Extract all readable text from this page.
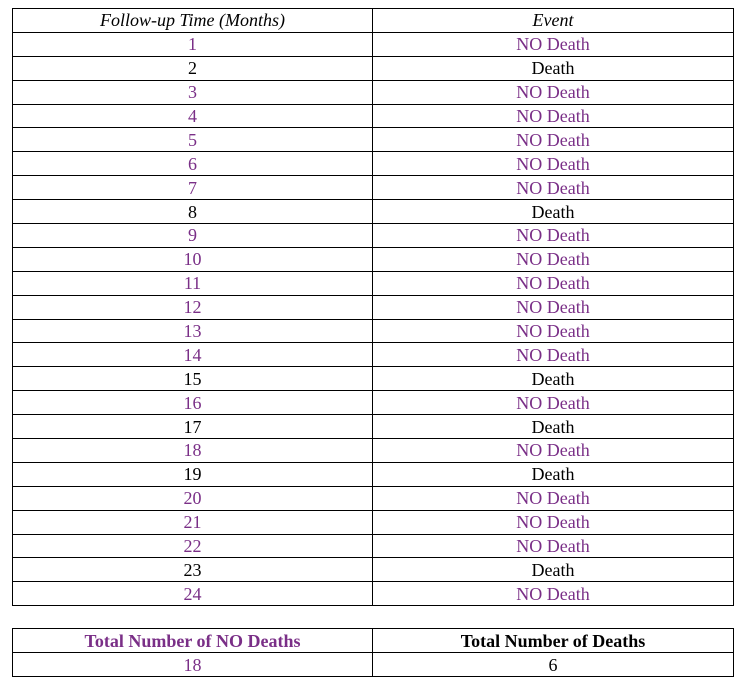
Follow-up Time (Months)	Event
1	NO Death
2	Death
3	NO Death
4	NO Death
5	NO Death
6	NO Death
7	NO Death
8	Death
9	NO Death
10	NO Death
11	NO Death
12	NO Death
13	NO Death
14	NO Death
15	Death
16	NO Death
17	Death
18	NO Death
19	Death
20	NO Death
21	NO Death
22	NO Death
23	Death
24	NO Death
Total Number of NO Deaths	Total Number of Deaths
18	6
